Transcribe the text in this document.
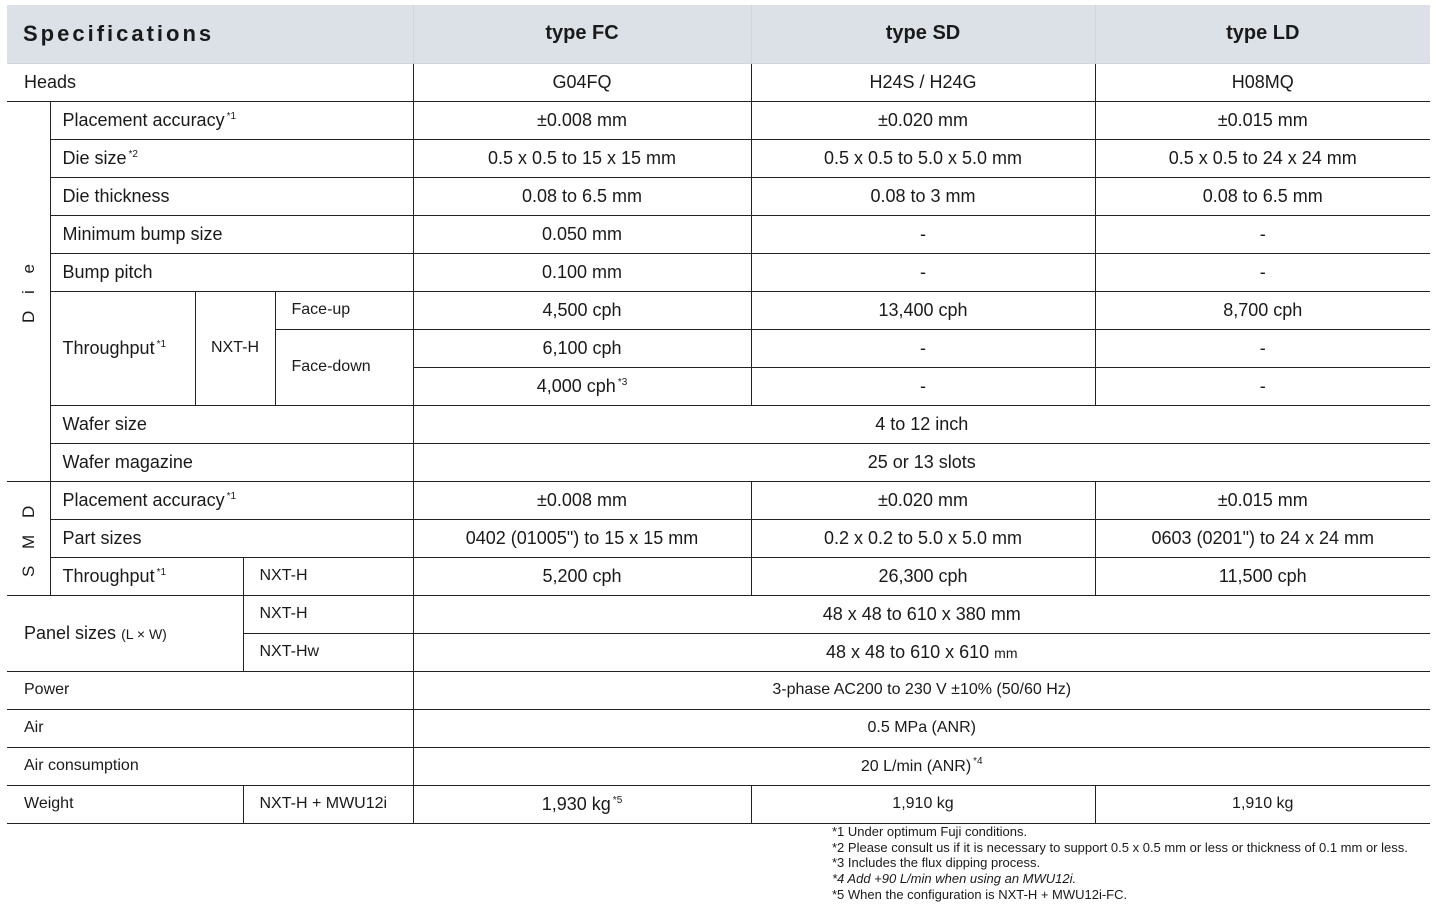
Specifications					type FC	type SD	type LD
Heads					G04FQ	H24S / H24G	H08MQ
D i e	Placement accuracy $^{*1}$				±0.008 mm	±0.020 mm	±0.015 mm
	Die size $^{*2}$				0.5 x 0.5 to 15 x 15 mm	0.5 x 0.5 to 5.0 x 5.0 mm	0.5 x 0.5 to 24 x 24 mm
	Die thickness				0.08 to 6.5 mm	0.08 to 3 mm	0.08 to 6.5 mm
	Minimum bump size				0.050 mm	-	-
	Bump pitch				0.100 mm	-	-
	Throughput $^{*1}$	NXT-H		Face-up	4,500 cph	13,400 cph	8,700 cph
				Face-down	6,100 cph	-	-
					4,000 cph $^{*3}$	-	-
	Wafer size				4 to 12 inch		
	Wafer magazine				25 or 13 slots		
S M D	Placement accuracy $^{*1}$				±0.008 mm	±0.020 mm	±0.015 mm
	Part sizes				0402 (01005") to 15 x 15 mm	0.2 x 0.2 to 5.0 x 5.0 mm	0603 (0201") to 24 x 24 mm
	Throughput $^{*1}$		NXT-H		5,200 cph	26,300 cph	11,500 cph
Panel sizes (L × W)			NXT-H		48 x 48 to 610 x 380 mm		
			NXT-Hw		48 x 48 to 610 x 610 mm		
Power					3-phase AC200 to 230 V ±10% (50/60 Hz)		
Air					0.5 MPa (ANR)		
Air consumption					20 L/min (ANR) $^{*4}$
Weight			NXT-H + MWU12i		1,930 kg $^{*5}$	1,910 kg	1,910 kg
*1 Under optimum Fuji conditions.
*2 Please consult us if it is necessary to support 0.5 x 0.5 mm or less or thickness of 0.1 mm or less.
*3 Includes the flux dipping process.
*4 Add +90 L/min when using an MWU12i.
*5 When the configuration is NXT-H + MWU12i-FC.
